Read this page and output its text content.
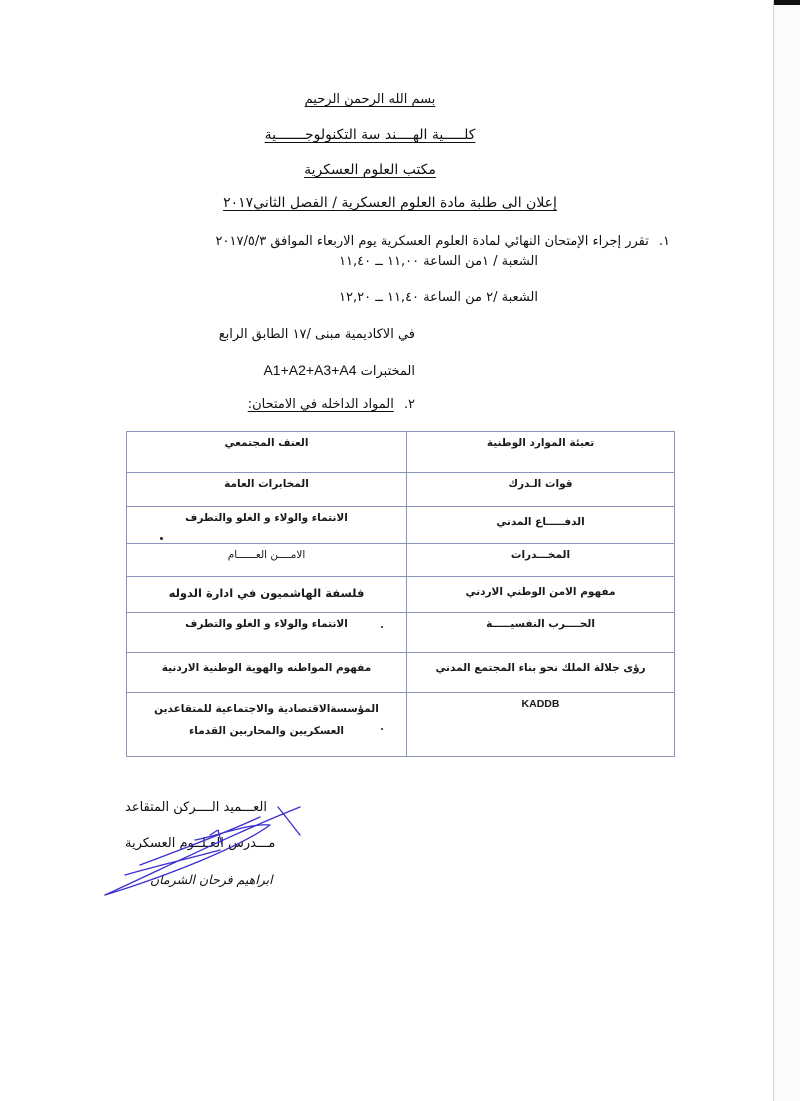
بسم الله الرحمن الرحيم
كلـــــية الهــــند سة التكنولوجـــــــية
مكتب العلوم العسكرية
إعلان الى طلبة مادة العلوم العسكرية / الفصل الثاني٢٠١٧
١.تقرر إجراء الإمتحان النهائي لمادة العلوم العسكرية يوم الاربعاء الموافق ٢٠١٧/٥/٣
الشعبة / ١من الساعة ١١,٠٠ ــ ١١,٤٠
الشعبة /٢ من الساعة ١١,٤٠ ــ ١٢,٢٠
في الاكاديمية مبنى /١٧ الطابق الرابع
المختبرات A1+A2+A3+A4
٢.المواد الداخله في الامتحان:
تعبئة الموارد الوطنية	العنف المجتمعي
قوات الـدرك	المخابرات العامة
الدفـــــاع المدني	الانتماء والولاء و الغلو والتطرف
المخـــدرات	الامــــن العــــــام
مفهوم الامن الوطني الاردني	فلسفة الهاشميون في ادارة الدوله
الحــــرب النفسيـــــة	الانتماء والولاء و الغلو والتطرف
رؤى جلالة الملك نحو بناء المجتمع المدني	مفهوم المواطنه والهوية الوطنية الاردنية
KADDB	المؤسسةالاقتصادية والاجتماعية للمتقاعدين العسكريين والمحاربين القدماء
العـــميد الــــركن المتقاعد
مـــدرس العـلــوم العسكرية
ابراهيم فرحان الشرمان
